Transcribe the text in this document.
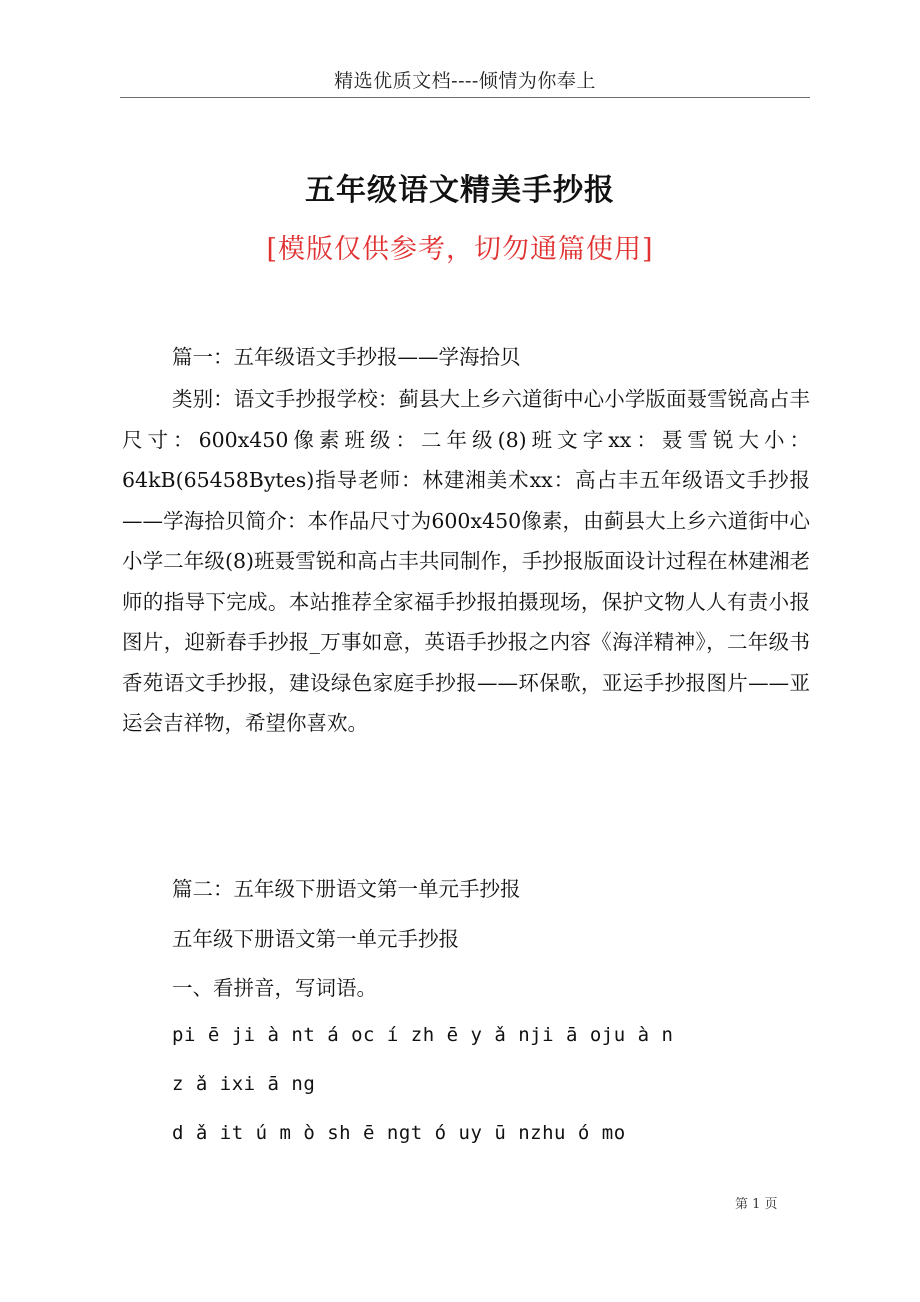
精选优质文档----倾情为你奉上
五年级语文精美手抄报
[模版仅供参考，切勿通篇使用]
篇一：五年级语文手抄报——学海拾贝
类别：语文手抄报学校：蓟县大上乡六道街中心小学版面聂雪锐高占丰尺寸：600x450像素班级：二年级(8)班文字xx：聂雪锐大小：64kB(65458Bytes)指导老师：林建湘美术xx：高占丰五年级语文手抄报——学海拾贝简介：本作品尺寸为600x450像素，由蓟县大上乡六道街中心小学二年级(8)班聂雪锐和高占丰共同制作，手抄报版面设计过程在林建湘老师的指导下完成。本站推荐全家福手抄报拍摄现场，保护文物人人有责小报图片，迎新春手抄报_万事如意，英语手抄报之内容《海洋精神》，二年级书香苑语文手抄报，建设绿色家庭手抄报——环保歌，亚运手抄报图片——亚运会吉祥物，希望你喜欢。
篇二：五年级下册语文第一单元手抄报
五年级下册语文第一单元手抄报
一、看拼音，写词语。
pi ē ji à nt á oc í zh ē y ǎ nji ā oju à n
z ǎ ixi ā ng
d ǎ it ú m ò sh ē ngt ó uy ū nzhu ó mo
第 1 页
